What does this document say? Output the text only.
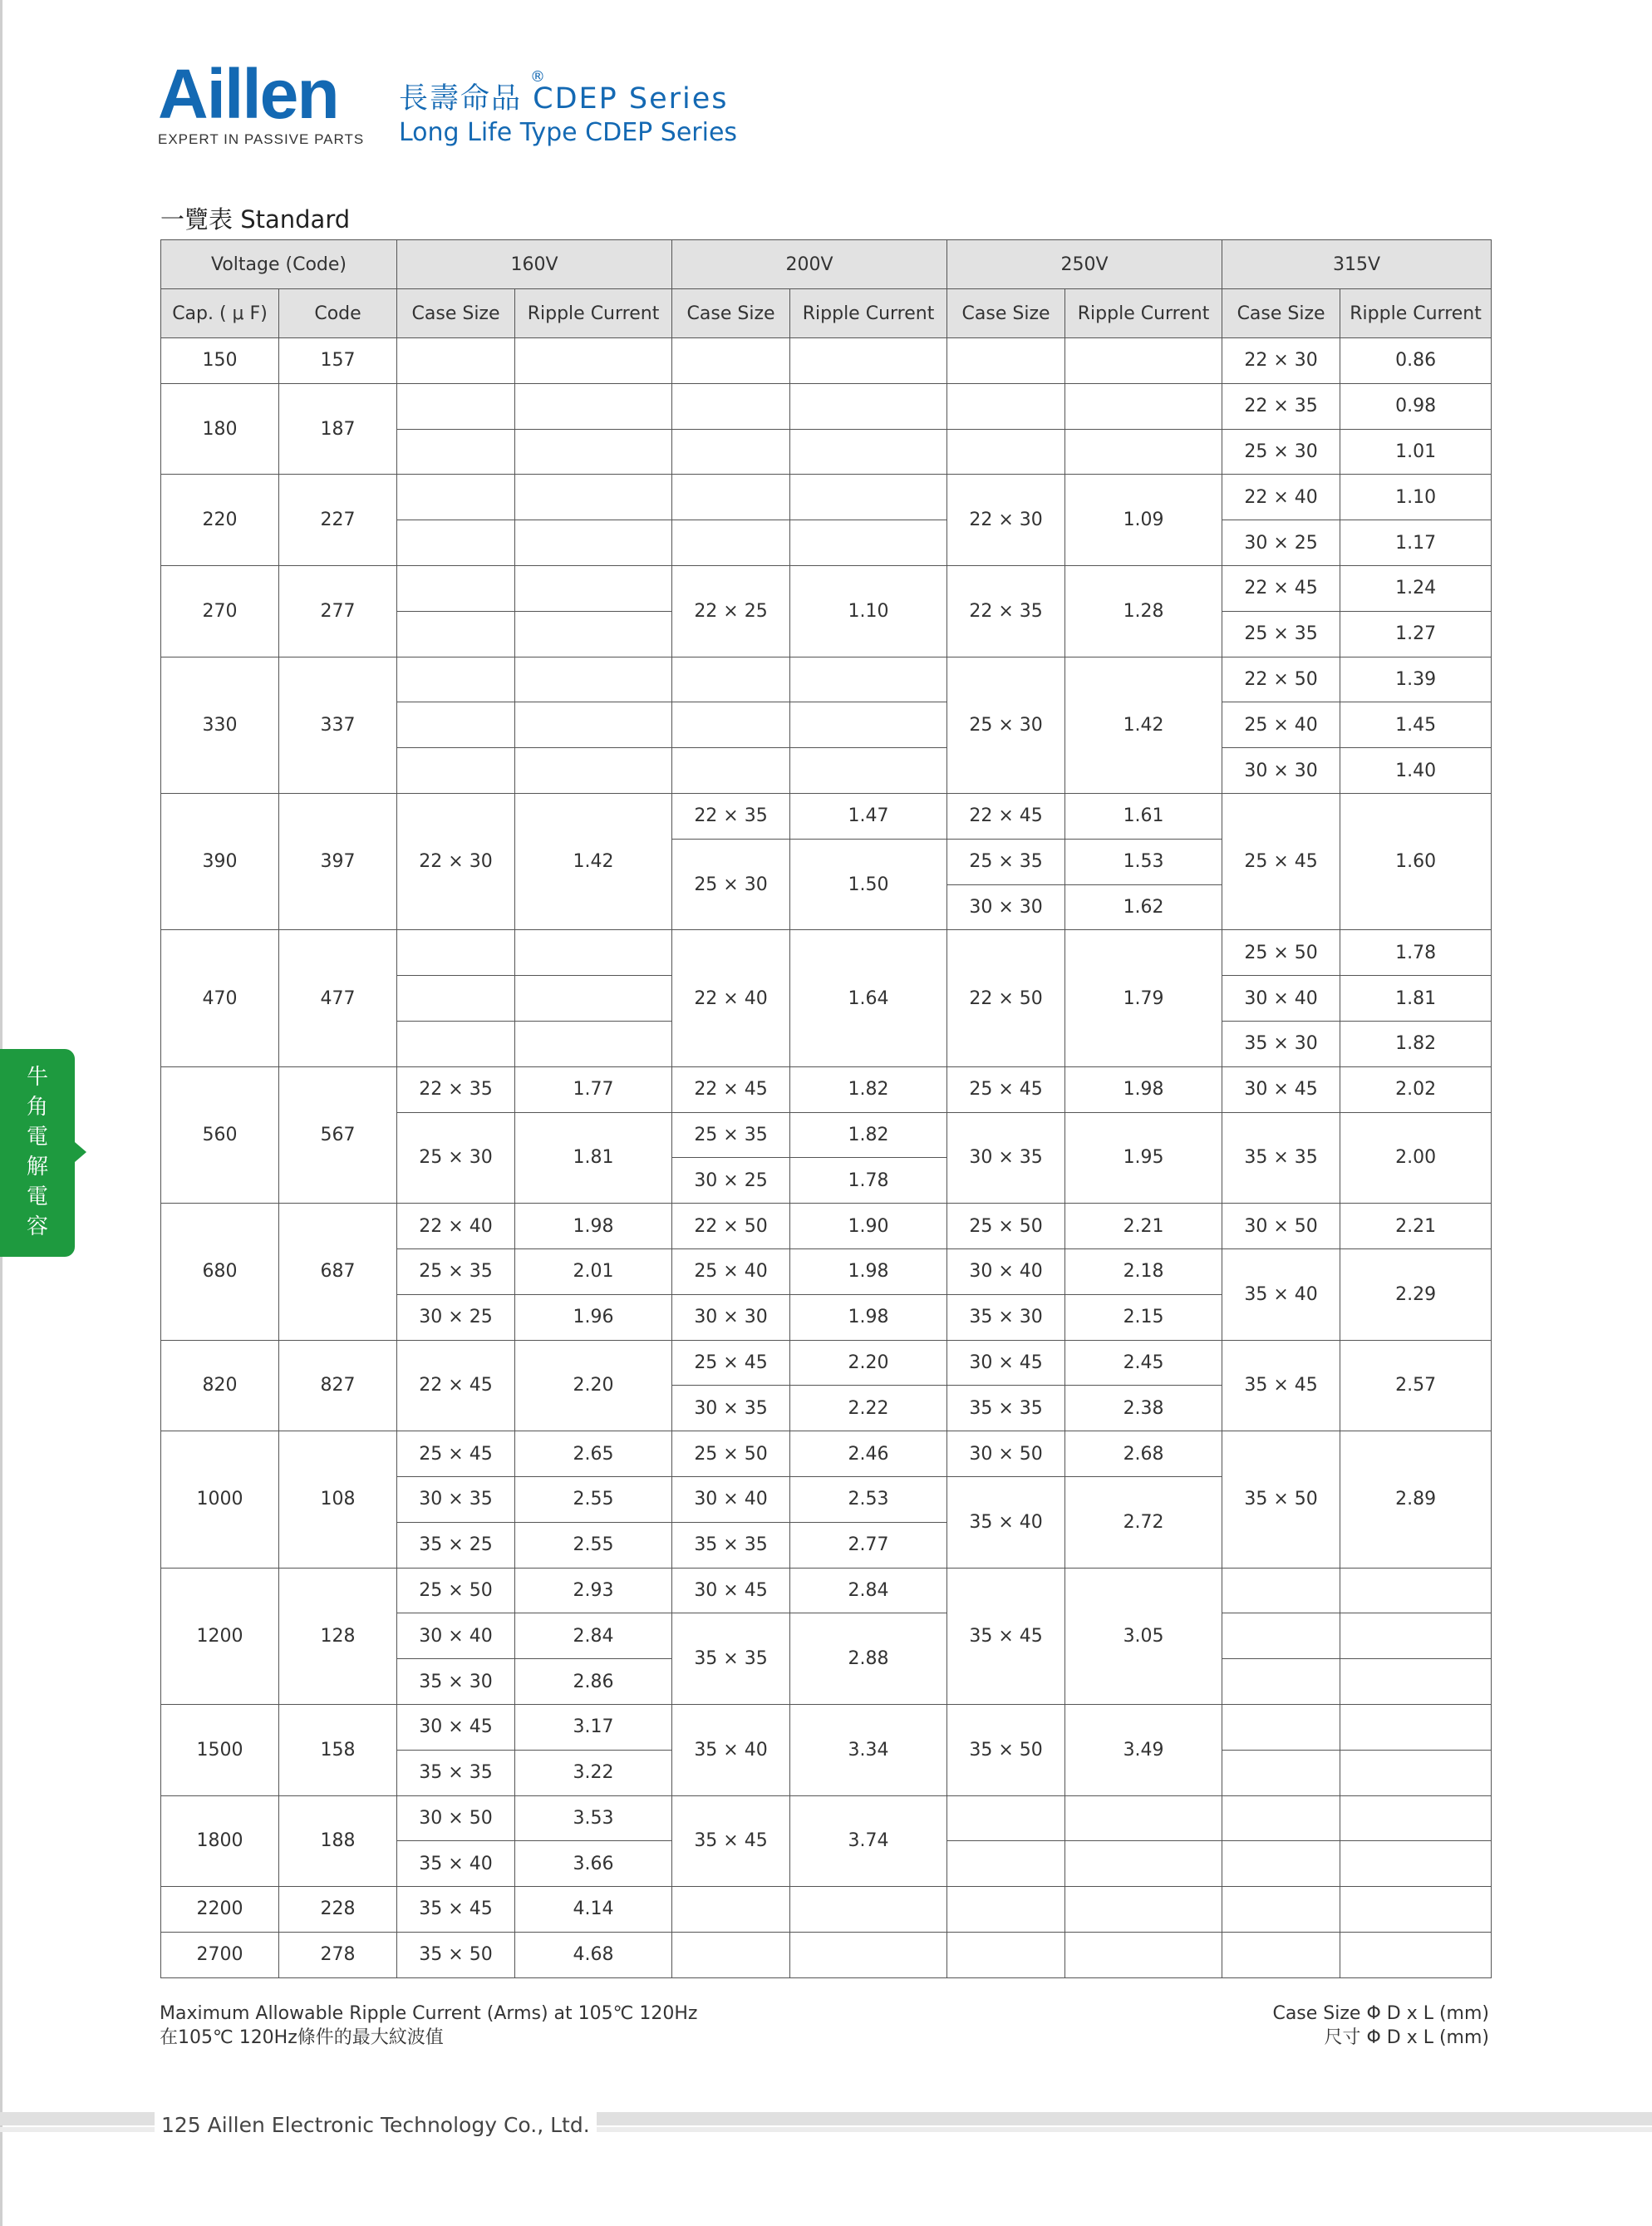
Aillen	®
EXPERT IN PASSIVE PARTS
長壽命品 CDEP Series
Long Life Type CDEP Series
一覽表 Standard
Voltage (Code)		160V		200V		250V		315V	
Cap. ( μ F)	Code	Case Size	Ripple Current	Case Size	Ripple Current	Case Size	Ripple Current	Case Size	Ripple Current
150	157							22 × 30	0.86
180	187							22 × 35	0.98
								25 × 30	1.01
220	227					22 × 30	1.09	22 × 40	1.10
								30 × 25	1.17
270	277			22 × 25	1.10	22 × 35	1.28	22 × 45	1.24
								25 × 35	1.27
330	337					25 × 30	1.42	22 × 50	1.39
								25 × 40	1.45
								30 × 30	1.40
390	397	22 × 30	1.42	22 × 35	1.47	22 × 45	1.61	25 × 45	1.60
				25 × 30	1.50	25 × 35	1.53		
						30 × 30	1.62		
470	477			22 × 40	1.64	22 × 50	1.79	25 × 50	1.78
								30 × 40	1.81
								35 × 30	1.82
560	567	22 × 35	1.77	22 × 45	1.82	25 × 45	1.98	30 × 45	2.02
		25 × 30	1.81	25 × 35	1.82	30 × 35	1.95	35 × 35	2.00
				30 × 25	1.78				
680	687	22 × 40	1.98	22 × 50	1.90	25 × 50	2.21	30 × 50	2.21
		25 × 35	2.01	25 × 40	1.98	30 × 40	2.18	35 × 40	2.29
		30 × 25	1.96	30 × 30	1.98	35 × 30	2.15		
820	827	22 × 45	2.20	25 × 45	2.20	30 × 45	2.45	35 × 45	2.57
				30 × 35	2.22	35 × 35	2.38		
1000	108	25 × 45	2.65	25 × 50	2.46	30 × 50	2.68	35 × 50	2.89
		30 × 35	2.55	30 × 40	2.53	35 × 40	2.72		
		35 × 25	2.55	35 × 35	2.77				
1200	128	25 × 50	2.93	30 × 45	2.84	35 × 45	3.05		
		30 × 40	2.84	35 × 35	2.88				
		35 × 30	2.86						
1500	158	30 × 45	3.17	35 × 40	3.34	35 × 50	3.49		
		35 × 35	3.22						
1800	188	30 × 50	3.53	35 × 45	3.74				
		35 × 40	3.66						
2200	228	35 × 45	4.14						
2700	278	35 × 50	4.68						
Maximum Allowable Ripple Current (Arms) at 105℃ 120Hz
在105℃ 120Hz條件的最大紋波值
Case Size Φ D x L (mm)
尺寸 Φ D x L (mm)
牛
角
電
解
電
容
125 Aillen Electronic Technology Co., Ltd.
